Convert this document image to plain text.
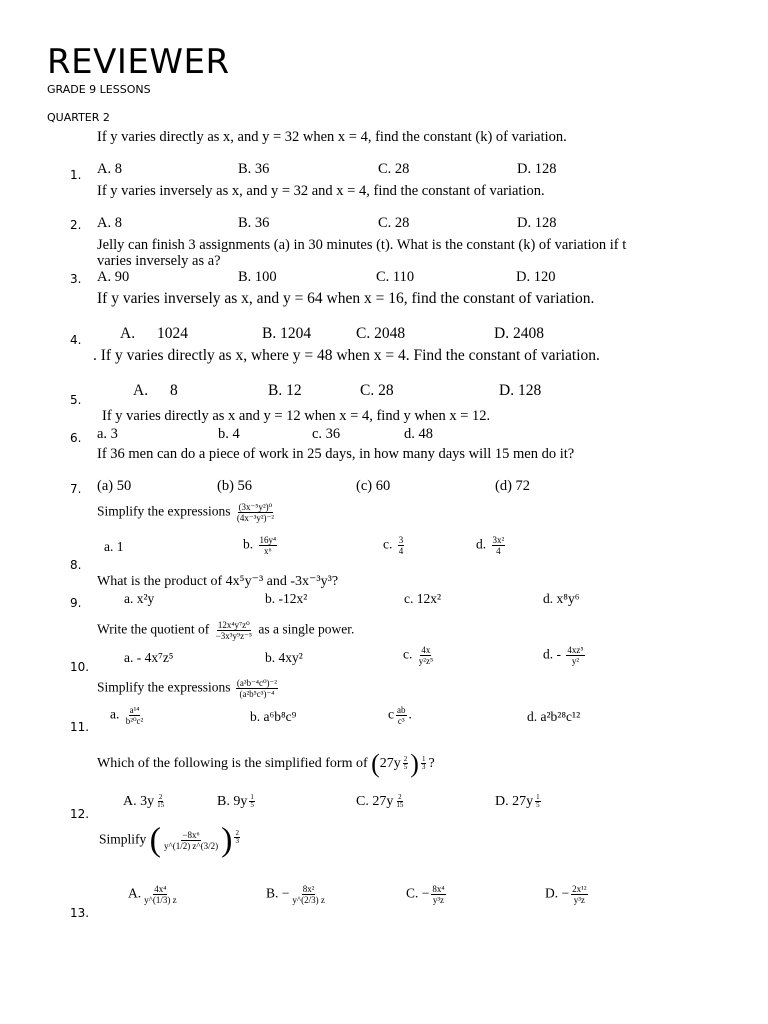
REVIEWER
GRADE 9 LESSONS
QUARTER 2
If y varies directly as x, and y = 32 when x = 4, find the constant (k) of variation.
1. A. 8	B. 36	C. 28	D. 128
If y varies inversely as x, and y = 32 and x = 4, find the constant of variation.
2. A. 8	B. 36	C. 28	D. 128
Jelly can finish 3 assignments (a) in 30 minutes (t). What is the constant (k) of variation if t varies inversely as a?
3. A. 90	B. 100	C. 110	D. 120
If y varies inversely as x, and y = 64 when x = 16, find the constant of variation.
4. A. 1024	B. 1204	C. 2048	D. 2408
. If y varies directly as x, where y = 48 when x = 4. Find the constant of variation.
5.
A. 8	B. 12	C. 28	D. 128
If y varies directly as x and y = 12 when x = 4, find y when x = 12.
6. a. 3	b. 4	c. 36	d. 48
If 36 men can do a piece of work in 25 days, in how many days will 15 men do it?
7. (a) 50	(b) 56	(c) 60	(d) 72
Simplify the expressions $\frac{\text{(3x⁻⁵y²)⁰}}{\text{(4x⁻³y²)⁻²}}$
8.
a. 1	b. $\frac{\text{16y⁴}}{\text{x⁶}}$	c. $\frac{3}{4}$	d. $\frac{\text{3x²}}{4}$
What is the product of 4x⁵y⁻³ and -3x⁻³y³?
9.	a. x²y	b. -12x²	c. 12x²	d. x⁸y⁶
Write the quotient of $\frac{\text{12x⁴y⁷z⁰}}{\text{−3x³y⁹z⁻⁵}}$ as a single power.
10.
a. - 4x⁷z⁵	b. 4xy²	c. $\frac{4x}{\text{y²z⁵}}$	d. - $\frac{\text{4xz⁵}}{\text{y²}}$
Simplify the expressions $\frac{\text{(a³b⁻⁴c⁰)⁻²}}{\text{(a²b⁵c³)⁻⁴}}$
11.
a. $\frac{\text{a¹⁴}}{\text{b²⁰c²}}$	b. a⁶b⁸c⁹	c $\frac{ab}{\text{c³}}$ .	d. a²b²⁸c¹²
Which of the following is the simplified form of ($27y \frac{2}{5}$ ) $\frac{1}{3}$ ?
12.
A. $3y \frac{2}{15}$	B. $9y \frac{1}{5}$	C. $27y \frac{2}{15}$	D. $27y \frac{1}{5}$
Simplify ( $\frac{\text{−8x⁶}}{y\^{}(1/2) z\^{}(3/2)}$ ) $\frac{2}{3}$
13.
A. $\frac{\text{4x⁴}}{y\^{}(1/3) z}$	B. − $\frac{\text{8x²}}{y\^{}(2/3) z}$	C. − $\frac{\text{8x⁴}}{\text{y³z}}$	D. − $\frac{\text{2x¹²}}{\text{y³z}}$
